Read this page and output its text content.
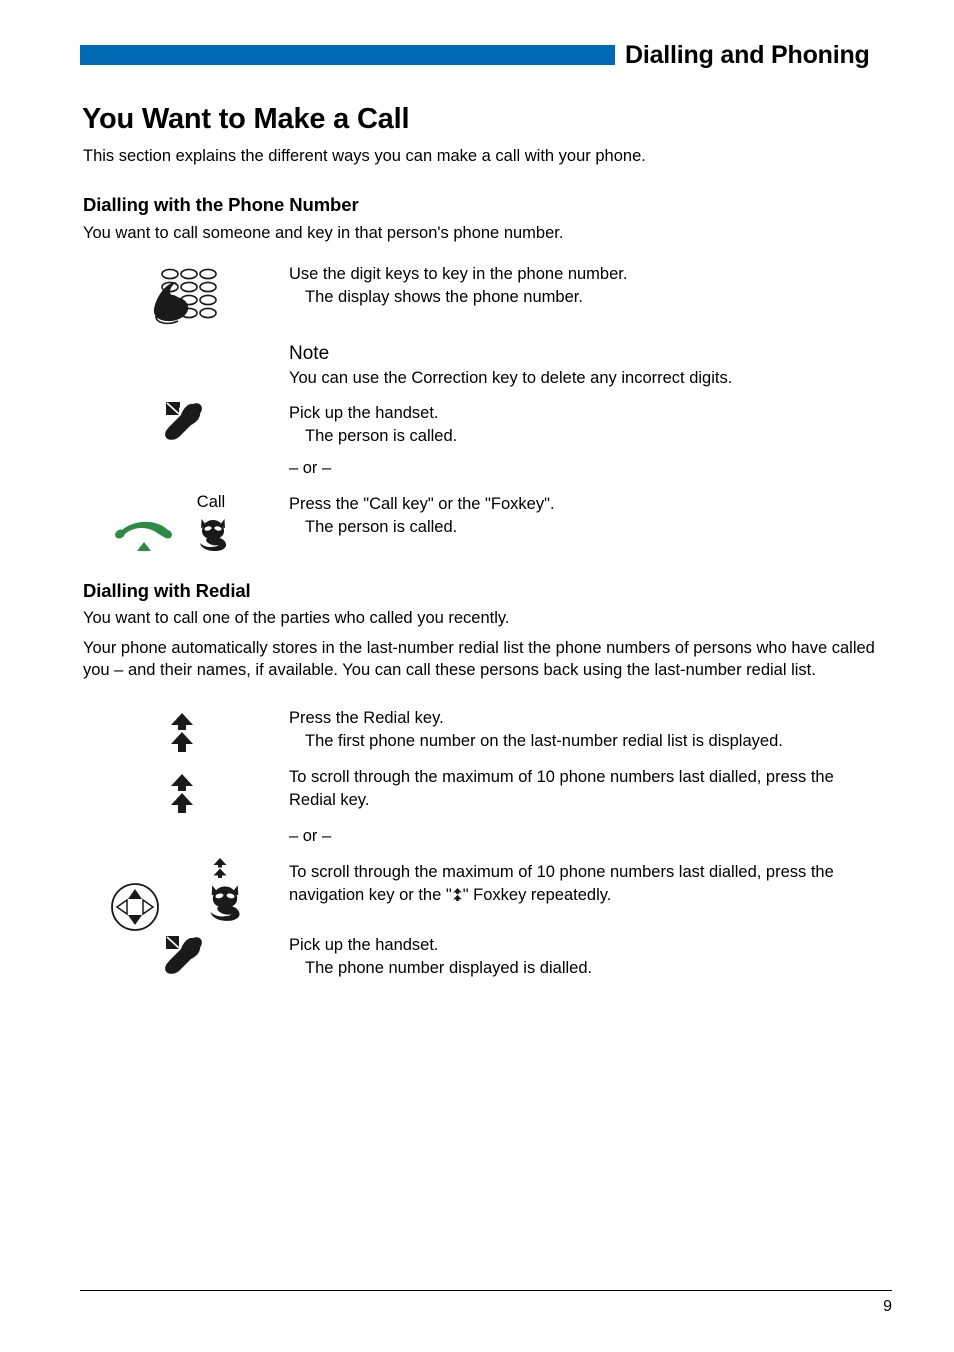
Dialling and Phoning
You Want to Make a Call
This section explains the different ways you can make a call with your phone.
Dialling with the Phone Number
You want to call someone and key in that person's phone number.
Use the digit keys to key in the phone number.
The display shows the phone number.
Note
You can use the Correction key to delete any incorrect digits.
Pick up the handset.
The person is called.
– or –
Call	Press the "Call key" or the "Foxkey".
The person is called.
Dialling with Redial
You want to call one of the parties who called you recently.
Your phone automatically stores in the last-number redial list the phone numbers of persons who have called you – and their names, if available. You can call these persons back using the last-number redial list.
Press the Redial key.
The first phone number on the last-number redial list is displayed.
To scroll through the maximum of 10 phone numbers last dialled, press the Redial key.
– or –
To scroll through the maximum of 10 phone numbers last dialled, press the navigation key or the " " Foxkey repeatedly.
Pick up the handset.
The phone number displayed is dialled.
9
